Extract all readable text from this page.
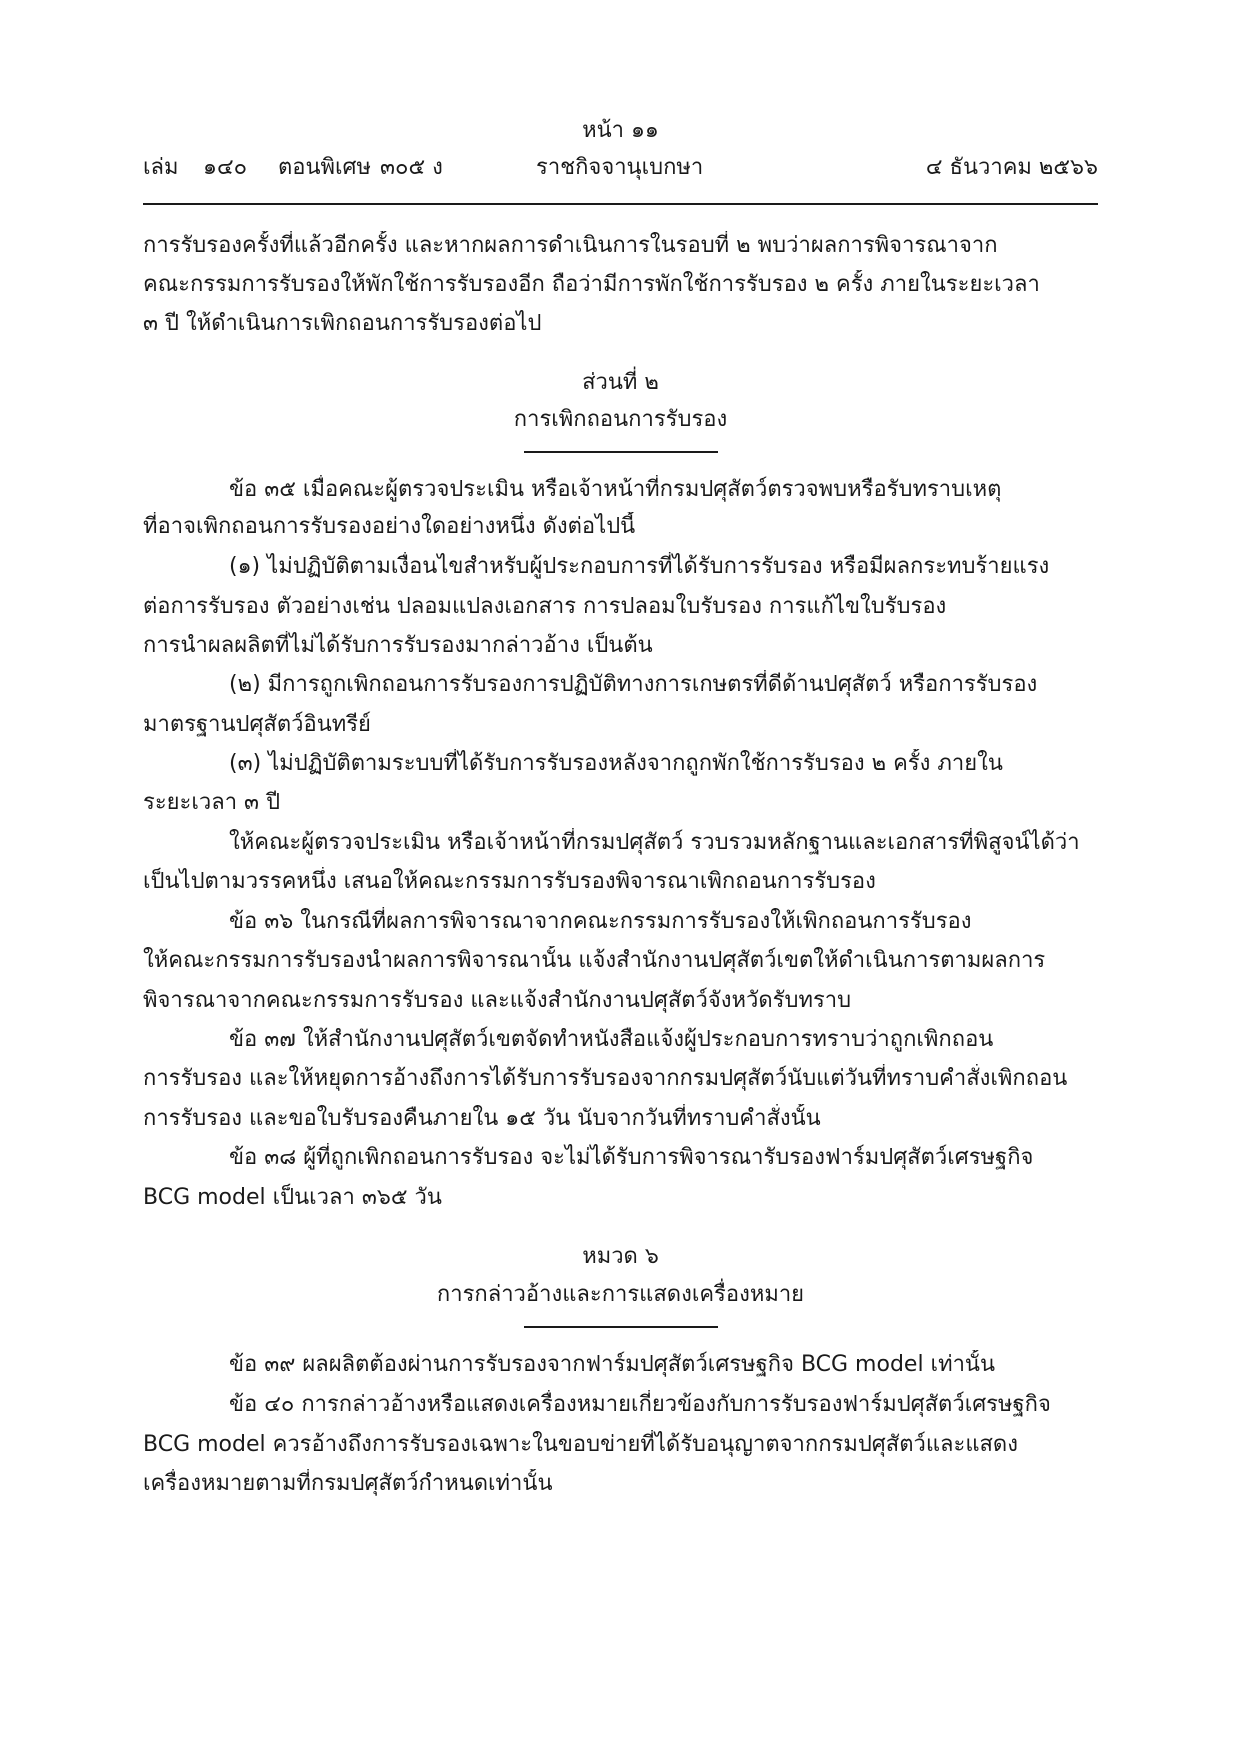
หน้า ๑๑
เล่ม ๑๔๐ ตอนพิเศษ ๓๐๕ ง	ราชกิจจานุเบกษา	๔ ธันวาคม ๒๕๖๖
การรับรองครั้งที่แล้วอีกครั้ง และหากผลการดำเนินการในรอบที่ ๒ พบว่าผลการพิจารณาจาก
คณะกรรมการรับรองให้พักใช้การรับรองอีก ถือว่ามีการพักใช้การรับรอง ๒ ครั้ง ภายในระยะเวลา
๓ ปี ให้ดำเนินการเพิกถอนการรับรองต่อไป
ส่วนที่ ๒
การเพิกถอนการรับรอง
ข้อ ๓๕ เมื่อคณะผู้ตรวจประเมิน หรือเจ้าหน้าที่กรมปศุสัตว์ตรวจพบหรือรับทราบเหตุ
ที่อาจเพิกถอนการรับรองอย่างใดอย่างหนึ่ง ดังต่อไปนี้
(๑) ไม่ปฏิบัติตามเงื่อนไขสำหรับผู้ประกอบการที่ได้รับการรับรอง หรือมีผลกระทบร้ายแรง
ต่อการรับรอง ตัวอย่างเช่น ปลอมแปลงเอกสาร การปลอมใบรับรอง การแก้ไขใบรับรอง
การนำผลผลิตที่ไม่ได้รับการรับรองมากล่าวอ้าง เป็นต้น
(๒) มีการถูกเพิกถอนการรับรองการปฏิบัติทางการเกษตรที่ดีด้านปศุสัตว์ หรือการรับรอง
มาตรฐานปศุสัตว์อินทรีย์
(๓) ไม่ปฏิบัติตามระบบที่ได้รับการรับรองหลังจากถูกพักใช้การรับรอง ๒ ครั้ง ภายใน
ระยะเวลา ๓ ปี
ให้คณะผู้ตรวจประเมิน หรือเจ้าหน้าที่กรมปศุสัตว์ รวบรวมหลักฐานและเอกสารที่พิสูจน์ได้ว่า
เป็นไปตามวรรคหนึ่ง เสนอให้คณะกรรมการรับรองพิจารณาเพิกถอนการรับรอง
ข้อ ๓๖ ในกรณีที่ผลการพิจารณาจากคณะกรรมการรับรองให้เพิกถอนการรับรอง
ให้คณะกรรมการรับรองนำผลการพิจารณานั้น แจ้งสำนักงานปศุสัตว์เขตให้ดำเนินการตามผลการ
พิจารณาจากคณะกรรมการรับรอง และแจ้งสำนักงานปศุสัตว์จังหวัดรับทราบ
ข้อ ๓๗ ให้สำนักงานปศุสัตว์เขตจัดทำหนังสือแจ้งผู้ประกอบการทราบว่าถูกเพิกถอน
การรับรอง และให้หยุดการอ้างถึงการได้รับการรับรองจากกรมปศุสัตว์นับแต่วันที่ทราบคำสั่งเพิกถอน
การรับรอง และขอใบรับรองคืนภายใน ๑๕ วัน นับจากวันที่ทราบคำสั่งนั้น
ข้อ ๓๘ ผู้ที่ถูกเพิกถอนการรับรอง จะไม่ได้รับการพิจารณารับรองฟาร์มปศุสัตว์เศรษฐกิจ
BCG model เป็นเวลา ๓๖๕ วัน
หมวด ๖
การกล่าวอ้างและการแสดงเครื่องหมาย
ข้อ ๓๙ ผลผลิตต้องผ่านการรับรองจากฟาร์มปศุสัตว์เศรษฐกิจ BCG model เท่านั้น
ข้อ ๔๐ การกล่าวอ้างหรือแสดงเครื่องหมายเกี่ยวข้องกับการรับรองฟาร์มปศุสัตว์เศรษฐกิจ
BCG model ควรอ้างถึงการรับรองเฉพาะในขอบข่ายที่ได้รับอนุญาตจากกรมปศุสัตว์และแสดง
เครื่องหมายตามที่กรมปศุสัตว์กำหนดเท่านั้น
